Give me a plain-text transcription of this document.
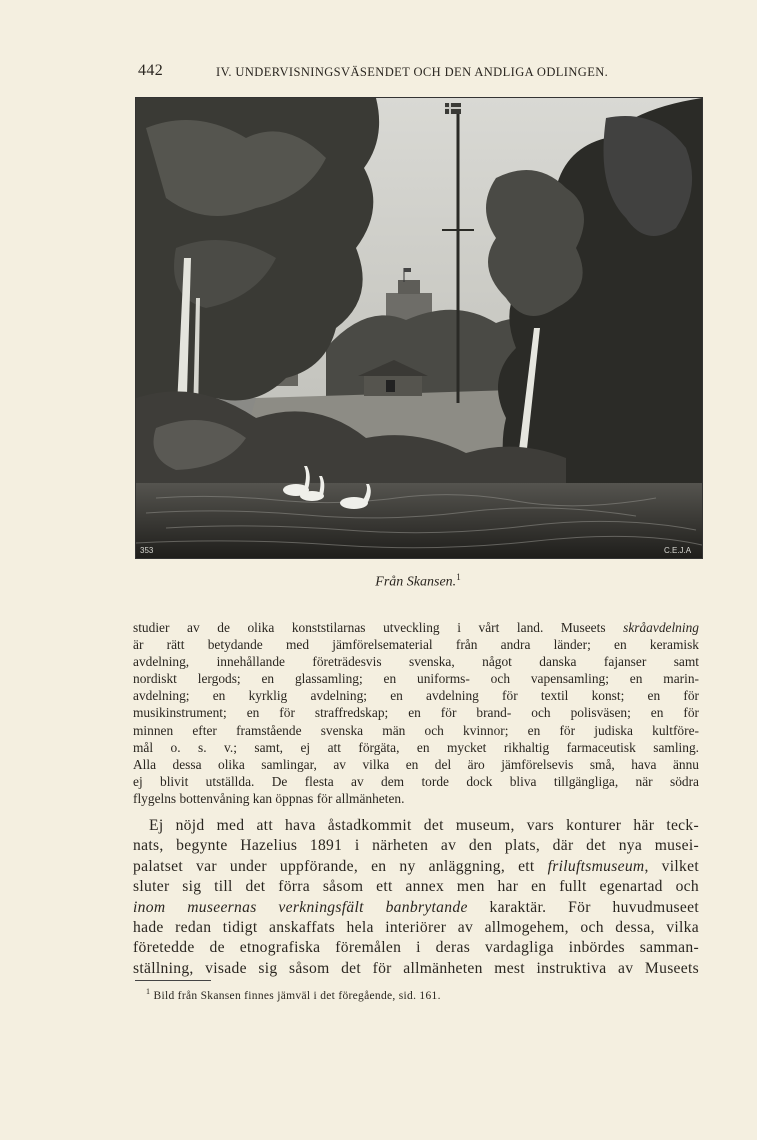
442	IV. UNDERVISNINGSVÄSENDET OCH DEN ANDLIGA ODLINGEN.
353	C.E.J.A
Från Skansen.$^1$

studier av de olika konststilarnas utveckling i vårt land. Museets skråavdelning

är rätt betydande med jämförelsematerial från andra länder; en keramisk

avdelning, innehållande företrädesvis svenska, något danska fajanser samt

nordiskt lergods; en glassamling; en uniforms- och vapensamling; en marin-

avdelning; en kyrklig avdelning; en avdelning för textil konst; en för

musikinstrument; en för straffredskap; en för brand- och polisväsen; en för

minnen efter framstående svenska män och kvinnor; en för judiska kultföre-

mål o. s. v.; samt, ej att förgäta, en mycket rikhaltig farmaceutisk samling.

Alla dessa olika samlingar, av vilka en del äro jämförelsevis små, hava ännu

ej blivit utställda. De flesta av dem torde dock bliva tillgängliga, när södra

flygelns bottenvåning kan öppnas för allmänheten.

Ej nöjd med att hava åstadkommit det museum, vars konturer här teck-

nats, begynte Hazelius 1891 i närheten av den plats, där det nya musei-

palatset var under uppförande, en ny anläggning, ett friluftsmuseum, vilket

sluter sig till det förra såsom ett annex men har en fullt egenartad och

inom museernas verkningsfält banbrytande karaktär. För huvudmuseet

hade redan tidigt anskaffats hela interiörer av allmogehem, och dessa, vilka

företedde de etnografiska föremålen i deras vardagliga inbördes samman-

ställning, visade sig såsom det för allmänheten mest instruktiva av Museets

$^1$ Bild från Skansen finnes jämväl i det föregående, sid. 161.
